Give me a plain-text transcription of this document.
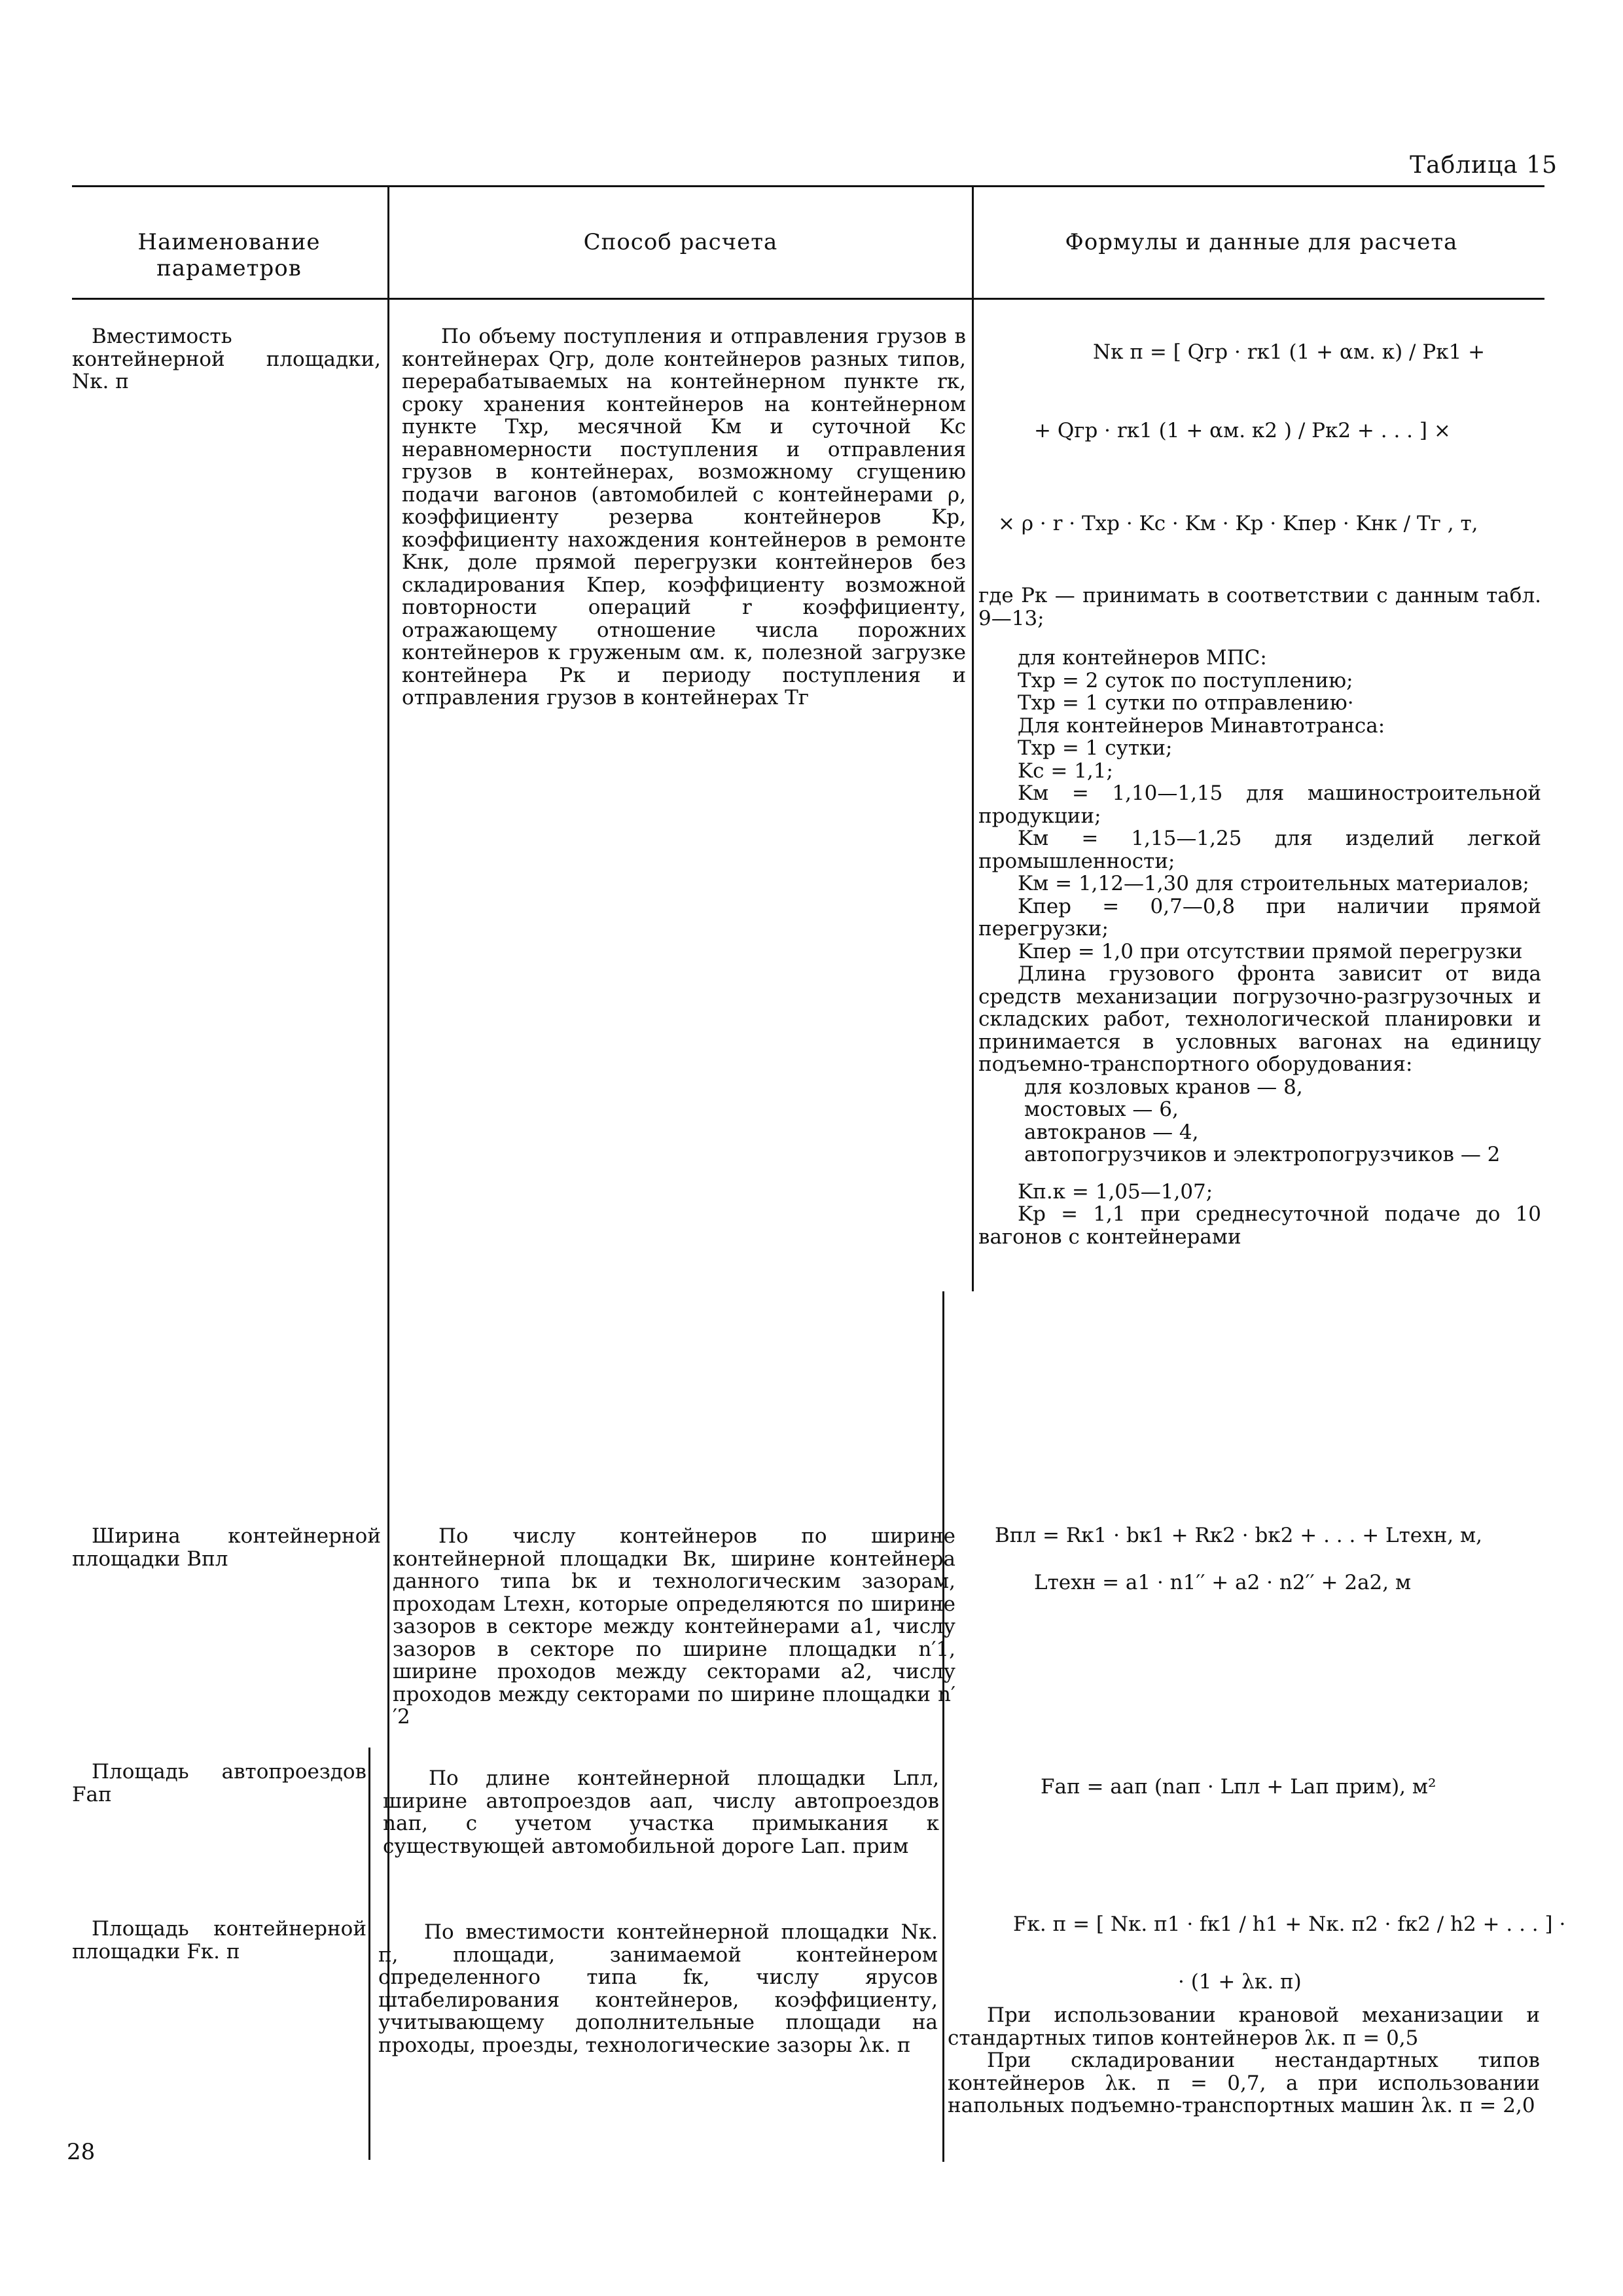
Таблица 15
Наименование параметров
Способ расчета	Формулы и данные для расчета
Вместимость контейнерной площадки, Nк. п
По объему поступления и отправления грузов в контейнерах Qгр, доле контейнеров разных типов, перерабатываемых на контейнерном пункте rк, сроку хранения контейнеров на контейнерном пункте Tхр, месячной Kм и суточной Kс неравномерности поступления и отправления грузов в контейнерах, возможному сгущению подачи вагонов (автомобилей с контейнерами ρ, коэффициенту резерва контейнеров Kр, коэффициенту нахождения контейнеров в ремонте Kнк, доле прямой перегрузки контейнеров без складирования Kпер, коэффициенту возможной повторности операций r коэффициенту, отражающему отношение числа порожних контейнеров к груженым αм. к, полезной загрузке контейнера Pк и периоду поступления и отправления грузов в контейнерах Tг
Nк п = [ Qгр · rк1 (1 + αм. к) / Pк1 +
+ Qгр · rк1 (1 + αм. к2 ) / Pк2 + . . . ] ×
× ρ · r · Tхр · Kс · Kм · Kр · Kпер · Kнк / Tг , т,
где Pк — принимать в соответствии с данным табл. 9—13;

для контейнеров МПС:

Tхр = 2 суток по поступлению;

Tхр = 1 сутки по отправлению·

Для контейнеров Минавтотранса:

Tхр = 1 сутки;

Kс = 1,1;

Kм = 1,10—1,15 для машиностроительной продукции;

Kм = 1,15—1,25 для изделий легкой промышленности;

Kм = 1,12—1,30 для строительных материалов;

Kпер = 0,7—0,8 при наличии прямой перегрузки;

Kпер = 1,0 при отсутствии прямой перегрузки

Длина грузового фронта зависит от вида средств механизации погрузочно-разгрузочных и складских работ, технологической планировки и принимается в условных вагонах на единицу подъемно-транспортного оборудования:

для козловых кранов — 8,

мостовых — 6,

автокранов — 4,

автопогрузчиков и электропогрузчиков — 2

Kп.к = 1,05—1,07;

Kр = 1,1 при среднесуточной подаче до 10 вагонов с контейнерами

Ширина контейнерной площадки Bпл
По числу контейнеров по ширине контейнерной площадки Bк, ширине контейнера данного типа bк и технологическим зазорам, проходам Lтехн, которые определяются по ширине зазоров в секторе между контейнерами a1, числу зазоров в секторе по ширине площадки n′1, ширине проходов между секторами a2, числу проходов между секторами по ширине площадки n′′2
Bпл = Rк1 · bк1 + Rк2 · bк2 + . . . + Lтехн, м,
Lтехн = a1 · n1′′ + a2 · n2′′ + 2a2, м
Площадь автопроездов Fап
По длине контейнерной площадки Lпл, ширине автопроездов aап, числу автопроездов nап, с учетом участка примыкания к существующей автомобильной дороге Lап. прим
Fап = aап (nап · Lпл + Lап прим), м²
Площадь контейнерной площадки Fк. п
По вместимости контейнерной площадки Nк. п, площади, занимаемой контейнером определенного типа fк, числу ярусов штабелирования контейнеров, коэффициенту, учитывающему дополнительные площади на проходы, проезды, технологические зазоры λк. п
Fк. п = [ Nк. п1 · fк1 / h1 + Nк. п2 · fк2 / h2 + . . . ] ·
· (1 + λк. п)

При использовании крановой механизации и стандартных типов контейнеров λк. п = 0,5

При складировании нестандартных типов контейнеров λк. п = 0,7, а при использовании напольных подъемно-транспортных машин λк. п = 2,0

28
